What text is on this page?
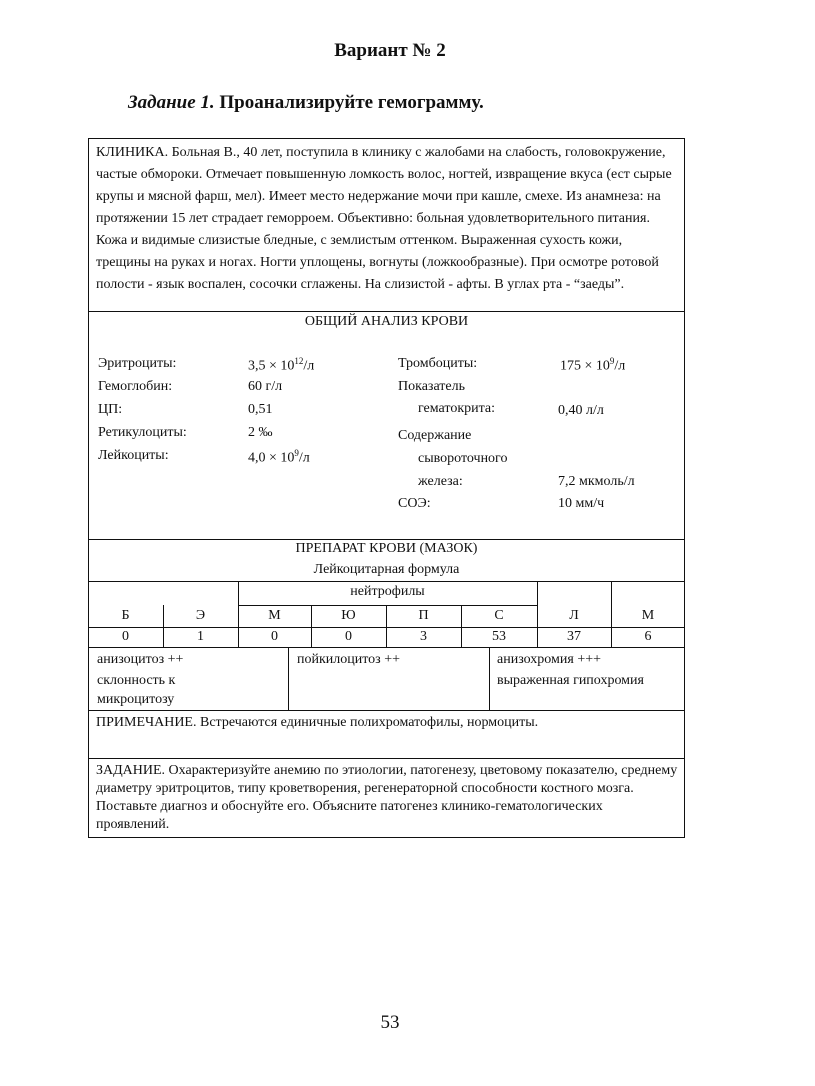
Вариант № 2
Задание 1. Проанализируйте гемограмму.
КЛИНИКА. Больная В., 40 лет, поступила в клинику с жалобами на слабость, головокружение, частые обмороки. Отмечает повышенную ломкость волос, ногтей, извращение вкуса (ест сырые крупы и мясной фарш, мел). Имеет место недержание мочи при кашле, смехе. Из анамнеза: на протяжении 15 лет страдает геморроем. Объективно: больная удовлетворительного питания. Кожа и видимые слизистые бледные, с землистым оттенком. Выраженная сухость кожи, трещины на руках и ногах. Ногти уплощены, вогнуты (ложкообразные). При осмотре ротовой полости - язык воспален, сосочки сглажены. На слизистой - афты. В углах рта - “заеды”.
ОБЩИЙ АНАЛИЗ КРОВИ
Эритроциты:	$3,5 \times 10^{12}/л$
Гемоглобин:	60 г/л
ЦП:	0,51
Ретикулоциты:	2 ‰
Лейкоциты:	$4,0 \times 10^9/л$
Тромбоциты:	$175 \times 10^9/л$
Показатель
гематокрита:	0,40 л/л
Содержание
сывороточного
железа:	7,2 мкмоль/л
СОЭ:	10 мм/ч
ПРЕПАРАТ КРОВИ (МАЗОК)
Лейкоцитарная формула
нейтрофилы
Б	Э	М	Ю	П	С	Л	М
0	1	0	0	3	53	37	6
анизоцитоз ++
склонность к
микроцитозу
пойкилоцитоз ++	анизохромия +++
выраженная гипохромия
ПРИМЕЧАНИЕ. Встречаются единичные полихроматофилы, нормоциты.
ЗАДАНИЕ. Охарактеризуйте анемию по этиологии, патогенезу, цветовому показателю, среднему диаметру эритроцитов, типу кроветворения, регенераторной способности костного мозга. Поставьте диагноз и обоснуйте его. Объясните патогенез клинико-гематологических проявлений.
53
